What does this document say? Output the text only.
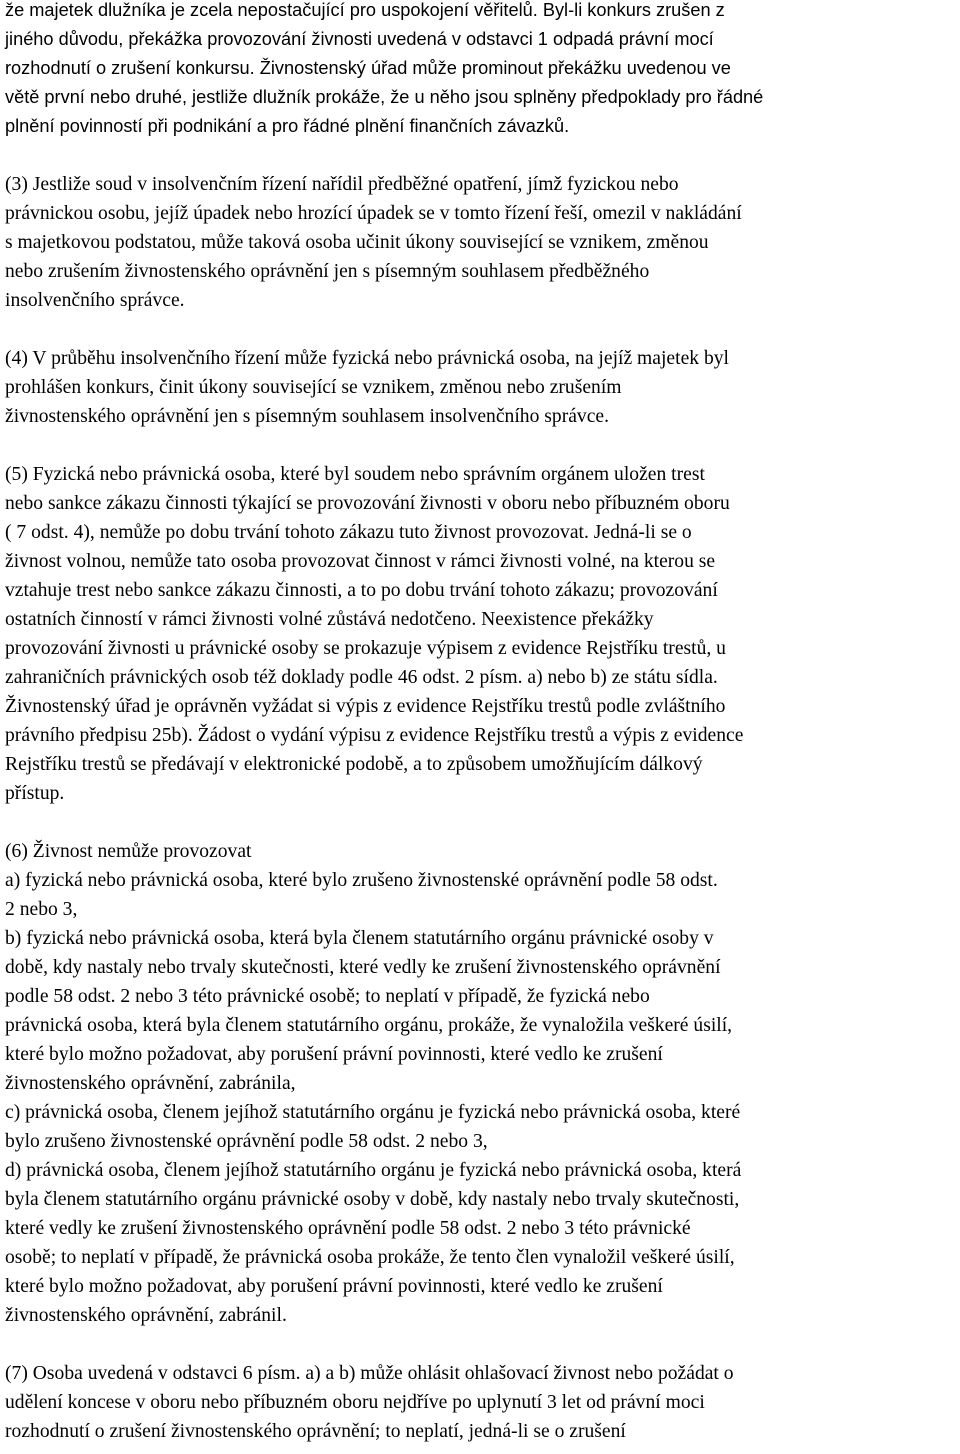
že majetek dlužníka je zcela nepostačující pro uspokojení věřitelů. Byl-li konkurs zrušen z
jiného důvodu, překážka provozování živnosti uvedená v odstavci 1 odpadá právní mocí
rozhodnutí o zrušení konkursu. Živnostenský úřad může prominout překážku uvedenou ve
větě první nebo druhé, jestliže dlužník prokáže, že u něho jsou splněny předpoklady pro řádné
plnění povinností při podnikání a pro řádné plnění finančních závazků.
(3) Jestliže soud v insolvenčním řízení nařídil předběžné opatření, jímž fyzickou nebo
právnickou osobu, jejíž úpadek nebo hrozící úpadek se v tomto řízení řeší, omezil v nakládání
s majetkovou podstatou, může taková osoba učinit úkony související se vznikem, změnou
nebo zrušením živnostenského oprávnění jen s písemným souhlasem předběžného
insolvenčního správce.
(4) V průběhu insolvenčního řízení může fyzická nebo právnická osoba, na jejíž majetek byl
prohlášen konkurs, činit úkony související se vznikem, změnou nebo zrušením
živnostenského oprávnění jen s písemným souhlasem insolvenčního správce.
(5) Fyzická nebo právnická osoba, které byl soudem nebo správním orgánem uložen trest
nebo sankce zákazu činnosti týkající se provozování živnosti v oboru nebo příbuzném oboru
( 7 odst. 4), nemůže po dobu trvání tohoto zákazu tuto živnost provozovat. Jedná-li se o
živnost volnou, nemůže tato osoba provozovat činnost v rámci živnosti volné, na kterou se
vztahuje trest nebo sankce zákazu činnosti, a to po dobu trvání tohoto zákazu; provozování
ostatních činností v rámci živnosti volné zůstává nedotčeno. Neexistence překážky
provozování živnosti u právnické osoby se prokazuje výpisem z evidence Rejstříku trestů, u
zahraničních právnických osob též doklady podle 46 odst. 2 písm. a) nebo b) ze státu sídla.
Živnostenský úřad je oprávněn vyžádat si výpis z evidence Rejstříku trestů podle zvláštního
právního předpisu 25b). Žádost o vydání výpisu z evidence Rejstříku trestů a výpis z evidence
Rejstříku trestů se předávají v elektronické podobě, a to způsobem umožňujícím dálkový
přístup.
(6) Živnost nemůže provozovat
a) fyzická nebo právnická osoba, které bylo zrušeno živnostenské oprávnění podle 58 odst.
2 nebo 3,
b) fyzická nebo právnická osoba, která byla členem statutárního orgánu právnické osoby v
době, kdy nastaly nebo trvaly skutečnosti, které vedly ke zrušení živnostenského oprávnění
podle 58 odst. 2 nebo 3 této právnické osobě; to neplatí v případě, že fyzická nebo
právnická osoba, která byla členem statutárního orgánu, prokáže, že vynaložila veškeré úsilí,
které bylo možno požadovat, aby porušení právní povinnosti, které vedlo ke zrušení
živnostenského oprávnění, zabránila,
c) právnická osoba, členem jejíhož statutárního orgánu je fyzická nebo právnická osoba, které
bylo zrušeno živnostenské oprávnění podle 58 odst. 2 nebo 3,
d) právnická osoba, členem jejíhož statutárního orgánu je fyzická nebo právnická osoba, která
byla členem statutárního orgánu právnické osoby v době, kdy nastaly nebo trvaly skutečnosti,
které vedly ke zrušení živnostenského oprávnění podle 58 odst. 2 nebo 3 této právnické
osobě; to neplatí v případě, že právnická osoba prokáže, že tento člen vynaložil veškeré úsilí,
které bylo možno požadovat, aby porušení právní povinnosti, které vedlo ke zrušení
živnostenského oprávnění, zabránil.
(7) Osoba uvedená v odstavci 6 písm. a) a b) může ohlásit ohlašovací živnost nebo požádat o
udělení koncese v oboru nebo příbuzném oboru nejdříve po uplynutí 3 let od právní moci
rozhodnutí o zrušení živnostenského oprávnění; to neplatí, jedná-li se o zrušení
